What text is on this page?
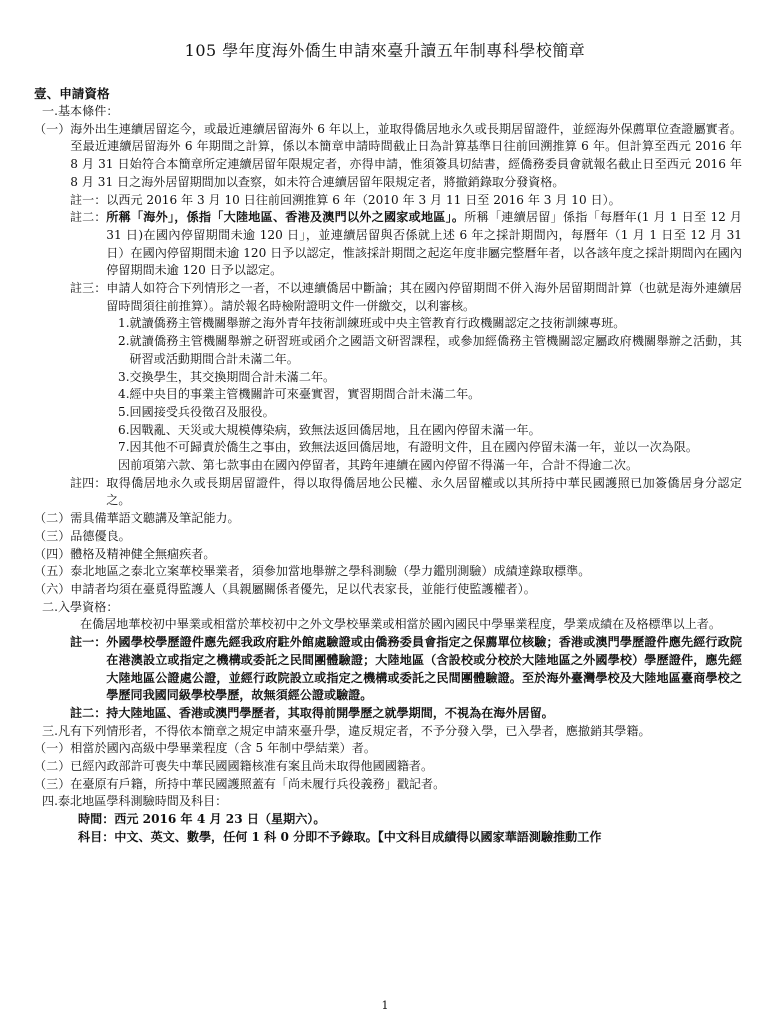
105 學年度海外僑生申請來臺升讀五年制專科學校簡章
壹、申請資格
一. 基本條件：
（一） 海外出生連續居留迄今，或最近連續居留海外 6 年以上，並取得僑居地永久或長期居留證件，並經海外保薦單位查證屬實者。至最近連續居留海外 6 年期間之計算，係以本簡章申請時間截止日為計算基準日往前回溯推算 6 年。但計算至西元 2016 年 8 月 31 日始符合本簡章所定連續居留年限規定者，亦得申請，惟須簽具切結書，經僑務委員會就報名截止日至西元 2016 年 8 月 31 日之海外居留期間加以查察，如未符合連續居留年限規定者，將撤銷錄取分發資格。
註一： 以西元 2016 年 3 月 10 日往前回溯推算 6 年（2010 年 3 月 11 日至 2016 年 3 月 10 日）。
註二： 所稱「海外」，係指「大陸地區、香港及澳門以外之國家或地區」。所稱「連續居留」係指「每曆年(1 月 1 日至 12 月 31 日)在國內停留期間未逾 120 日」，並連續居留與否係就上述 6 年之採計期間內，每曆年（1 月 1 日至 12 月 31 日）在國內停留期間未逾 120 日予以認定，惟該採計期間之起迄年度非屬完整曆年者，以各該年度之採計期間內在國內停留期間未逾 120 日予以認定。
註三： 申請人如符合下列情形之一者，不以連續僑居中斷論；其在國內停留期間不併入海外居留期間計算（也就是海外連續居留時間須往前推算）。請於報名時檢附證明文件一併繳交，以利審核。
1. 就讀僑務主管機關舉辦之海外青年技術訓練班或中央主管教育行政機關認定之技術訓練專班。
2. 就讀僑務主管機關舉辦之研習班或函介之國語文研習課程，或參加經僑務主管機關認定屬政府機關舉辦之活動，其研習或活動期間合計未滿二年。
3. 交換學生，其交換期間合計未滿二年。
4. 經中央目的事業主管機關許可來臺實習，實習期間合計未滿二年。
5. 回國接受兵役徵召及服役。
6. 因戰亂、天災或大規模傳染病，致無法返回僑居地，且在國內停留未滿一年。
7. 因其他不可歸責於僑生之事由，致無法返回僑居地，有證明文件，且在國內停留未滿一年，並以一次為限。
因前項第六款、第七款事由在國內停留者，其跨年連續在國內停留不得滿一年，合計不得逾二次。
註四： 取得僑居地永久或長期居留證件，得以取得僑居地公民權、永久居留權或以其所持中華民國護照已加簽僑居身分認定之。
（二） 需具備華語文聽講及筆記能力。
（三） 品德優良。
（四） 體格及精神健全無痼疾者。
（五） 泰北地區之泰北立案華校畢業者，須參加當地舉辦之學科測驗（學力鑑別測驗）成績達錄取標準。
（六） 申請者均須在臺覓得監護人（具親屬關係者優先，足以代表家長，並能行使監護權者）。
二. 入學資格：
在僑居地華校初中畢業或相當於華校初中之外文學校畢業或相當於國內國民中學畢業程度，學業成績在及格標準以上者。
註一： 外國學校學歷證件應先經我政府駐外館處驗證或由僑務委員會指定之保薦單位核驗；香港或澳門學歷證件應先經行政院在港澳設立或指定之機構或委託之民間團體驗證；大陸地區（含設校或分校於大陸地區之外國學校）學歷證件，應先經大陸地區公證處公證，並經行政院設立或指定之機構或委託之民間團體驗證。至於海外臺灣學校及大陸地區臺商學校之學歷同我國同級學校學歷，故無須經公證或驗證。
註二： 持大陸地區、香港或澳門學歷者，其取得前開學歷之就學期間，不視為在海外居留。
三. 凡有下列情形者，不得依本簡章之規定申請來臺升學，違反規定者，不予分發入學，已入學者，應撤銷其學籍。
（一） 相當於國內高級中學畢業程度（含 5 年制中學結業）者。
（二） 已經內政部許可喪失中華民國國籍核准有案且尚未取得他國國籍者。
（三） 在臺原有戶籍，所持中華民國護照蓋有「尚未履行兵役義務」戳記者。
四. 泰北地區學科測驗時間及科目：
時間：西元 2016 年 4 月 23 日（星期六）。
科目：中文、英文、數學，任何 1 科 0 分即不予錄取。【中文科目成績得以國家華語測驗推動工作
1
